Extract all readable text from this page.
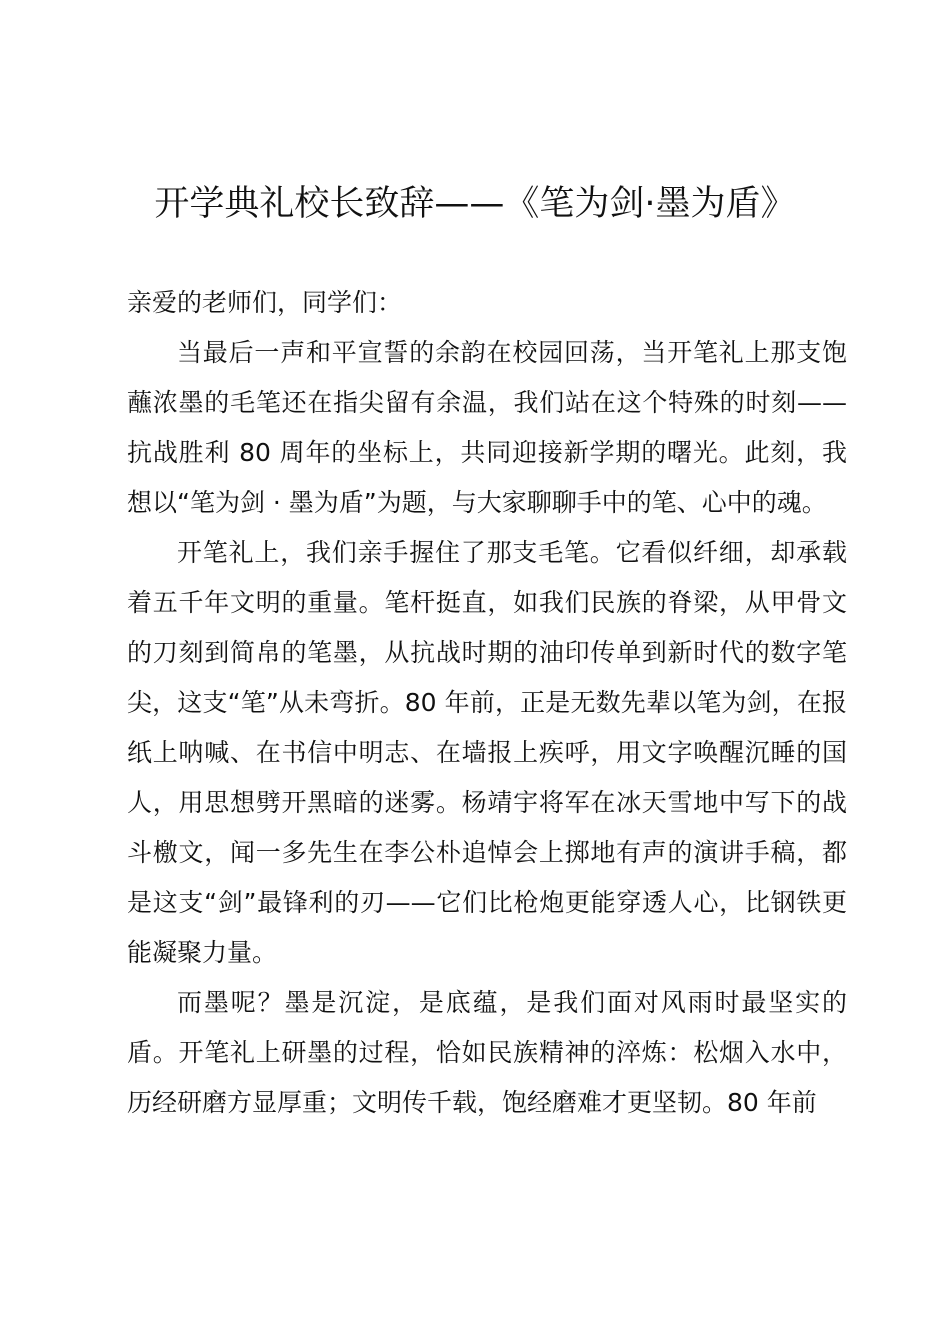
开学典礼校长致辞——《笔为剑·墨为盾》

亲爱的老师们，同学们：

当最后一声和平宣誓的余韵在校园回荡，当开笔礼上那支饱蘸浓墨的毛笔还在指尖留有余温，我们站在这个特殊的时刻——抗战胜利 80 周年的坐标上，共同迎接新学期的曙光。此刻，我想以“笔为剑 · 墨为盾”为题，与大家聊聊手中的笔、心中的魂。

开笔礼上，我们亲手握住了那支毛笔。它看似纤细，却承载着五千年文明的重量。笔杆挺直，如我们民族的脊梁，从甲骨文的刀刻到简帛的笔墨，从抗战时期的油印传单到新时代的数字笔尖，这支“笔”从未弯折。80 年前，正是无数先辈以笔为剑，在报纸上呐喊、在书信中明志、在墙报上疾呼，用文字唤醒沉睡的国人，用思想劈开黑暗的迷雾。杨靖宇将军在冰天雪地中写下的战斗檄文，闻一多先生在李公朴追悼会上掷地有声的演讲手稿，都是这支“剑”最锋利的刃——它们比枪炮更能穿透人心，比钢铁更能凝聚力量。

而墨呢？墨是沉淀，是底蕴，是我们面对风雨时最坚实的盾。开笔礼上研墨的过程，恰如民族精神的淬炼：松烟入水中，历经研磨方显厚重；文明传千载，饱经磨难才更坚韧。80 年前
